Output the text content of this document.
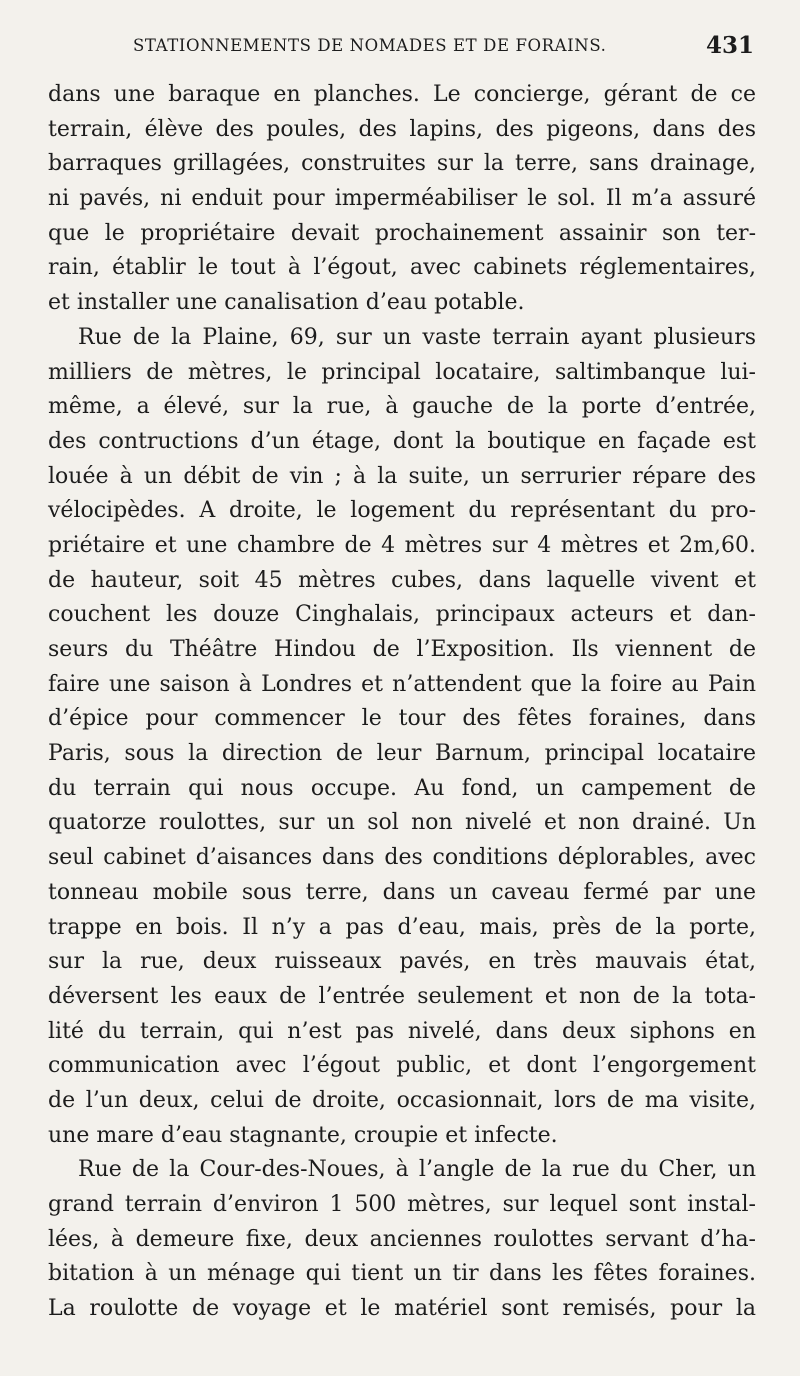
STATIONNEMENTS DE NOMADES ET DE FORAINS.	431
dans une baraque en planches. Le concierge, gérant de ce
terrain, élève des poules, des lapins, des pigeons, dans des
barraques grillagées, construites sur la terre, sans drainage,
ni pavés, ni enduit pour imperméabiliser le sol. Il m’a assuré
que le propriétaire devait prochainement assainir son ter-
rain, établir le tout à l’égout, avec cabinets réglementaires,
et installer une canalisation d’eau potable.
Rue de la Plaine, 69, sur un vaste terrain ayant plusieurs
milliers de mètres, le principal locataire, saltimbanque lui-
même, a élevé, sur la rue, à gauche de la porte d’entrée,
des contructions d’un étage, dont la boutique en façade est
louée à un débit de vin ; à la suite, un serrurier répare des
vélocipèdes. A droite, le logement du représentant du pro-
priétaire et une chambre de 4 mètres sur 4 mètres et 2m,60.
de hauteur, soit 45 mètres cubes, dans laquelle vivent et
couchent les douze Cinghalais, principaux acteurs et dan-
seurs du Théâtre Hindou de l’Exposition. Ils viennent de
faire une saison à Londres et n’attendent que la foire au Pain
d’épice pour commencer le tour des fêtes foraines, dans
Paris, sous la direction de leur Barnum, principal locataire
du terrain qui nous occupe. Au fond, un campement de
quatorze roulottes, sur un sol non nivelé et non drainé. Un
seul cabinet d’aisances dans des conditions déplorables, avec
tonneau mobile sous terre, dans un caveau fermé par une
trappe en bois. Il n’y a pas d’eau, mais, près de la porte,
sur la rue, deux ruisseaux pavés, en très mauvais état,
déversent les eaux de l’entrée seulement et non de la tota-
lité du terrain, qui n’est pas nivelé, dans deux siphons en
communication avec l’égout public, et dont l’engorgement
de l’un deux, celui de droite, occasionnait, lors de ma visite,
une mare d’eau stagnante, croupie et infecte.
Rue de la Cour-des-Noues, à l’angle de la rue du Cher, un
grand terrain d’environ 1 500 mètres, sur lequel sont instal-
lées, à demeure fixe, deux anciennes roulottes servant d’ha-
bitation à un ménage qui tient un tir dans les fêtes foraines.
La roulotte de voyage et le matériel sont remisés, pour la
